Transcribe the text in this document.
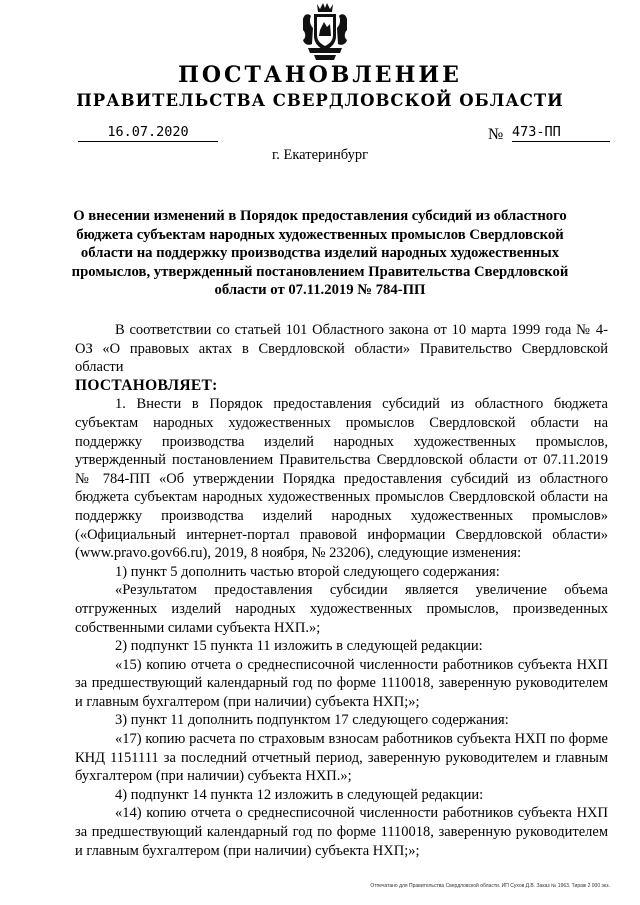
ПОСТАНОВЛЕНИЕ
ПРАВИТЕЛЬСТВА СВЕРДЛОВСКОЙ ОБЛАСТИ
16.07.2020	№ 473-ПП
г. Екатеринбург
О внесении изменений в Порядок предоставления субсидий из областного бюджета субъектам народных художественных промыслов Свердловской области на поддержку производства изделий народных художественных промыслов, утвержденный постановлением Правительства Свердловской области от 07.11.2019 № 784-ПП

В соответствии со статьей 101 Областного закона от 10 марта 1999 года № 4-ОЗ «О правовых актах в Свердловской области» Правительство Свердловской области

ПОСТАНОВЛЯЕТ:

1. Внести в Порядок предоставления субсидий из областного бюджета субъектам народных художественных промыслов Свердловской области на поддержку производства изделий народных художественных промыслов, утвержденный постановлением Правительства Свердловской области от 07.11.2019 № 784-ПП «Об утверждении Порядка предоставления субсидий из областного бюджета субъектам народных художественных промыслов Свердловской области на поддержку производства изделий народных художественных промыслов» («Официальный интернет-портал правовой информации Свердловской области» (www.pravo.gov66.ru), 2019, 8 ноября, № 23206), следующие изменения:

1) пункт 5 дополнить частью второй следующего содержания:

«Результатом предоставления субсидии является увеличение объема отгруженных изделий народных художественных промыслов, произведенных собственными силами субъекта НХП.»;

2) подпункт 15 пункта 11 изложить в следующей редакции:

«15) копию отчета о среднесписочной численности работников субъекта НХП за предшествующий календарный год по форме 1110018, заверенную руководителем и главным бухгалтером (при наличии) субъекта НХП;»;

3) пункт 11 дополнить подпунктом 17 следующего содержания:

«17) копию расчета по страховым взносам работников субъекта НХП по форме КНД 1151111 за последний отчетный период, заверенную руководителем и главным бухгалтером (при наличии) субъекта НХП.»;

4) подпункт 14 пункта 12 изложить в следующей редакции:

«14) копию отчета о среднесписочной численности работников субъекта НХП за предшествующий календарный год по форме 1110018, заверенную руководителем и главным бухгалтером (при наличии) субъекта НХП;»;

Отпечатано для Правительства Свердловской области. ИП Сухов Д.В. Заказ № 1963. Тираж 2 000 экз.
